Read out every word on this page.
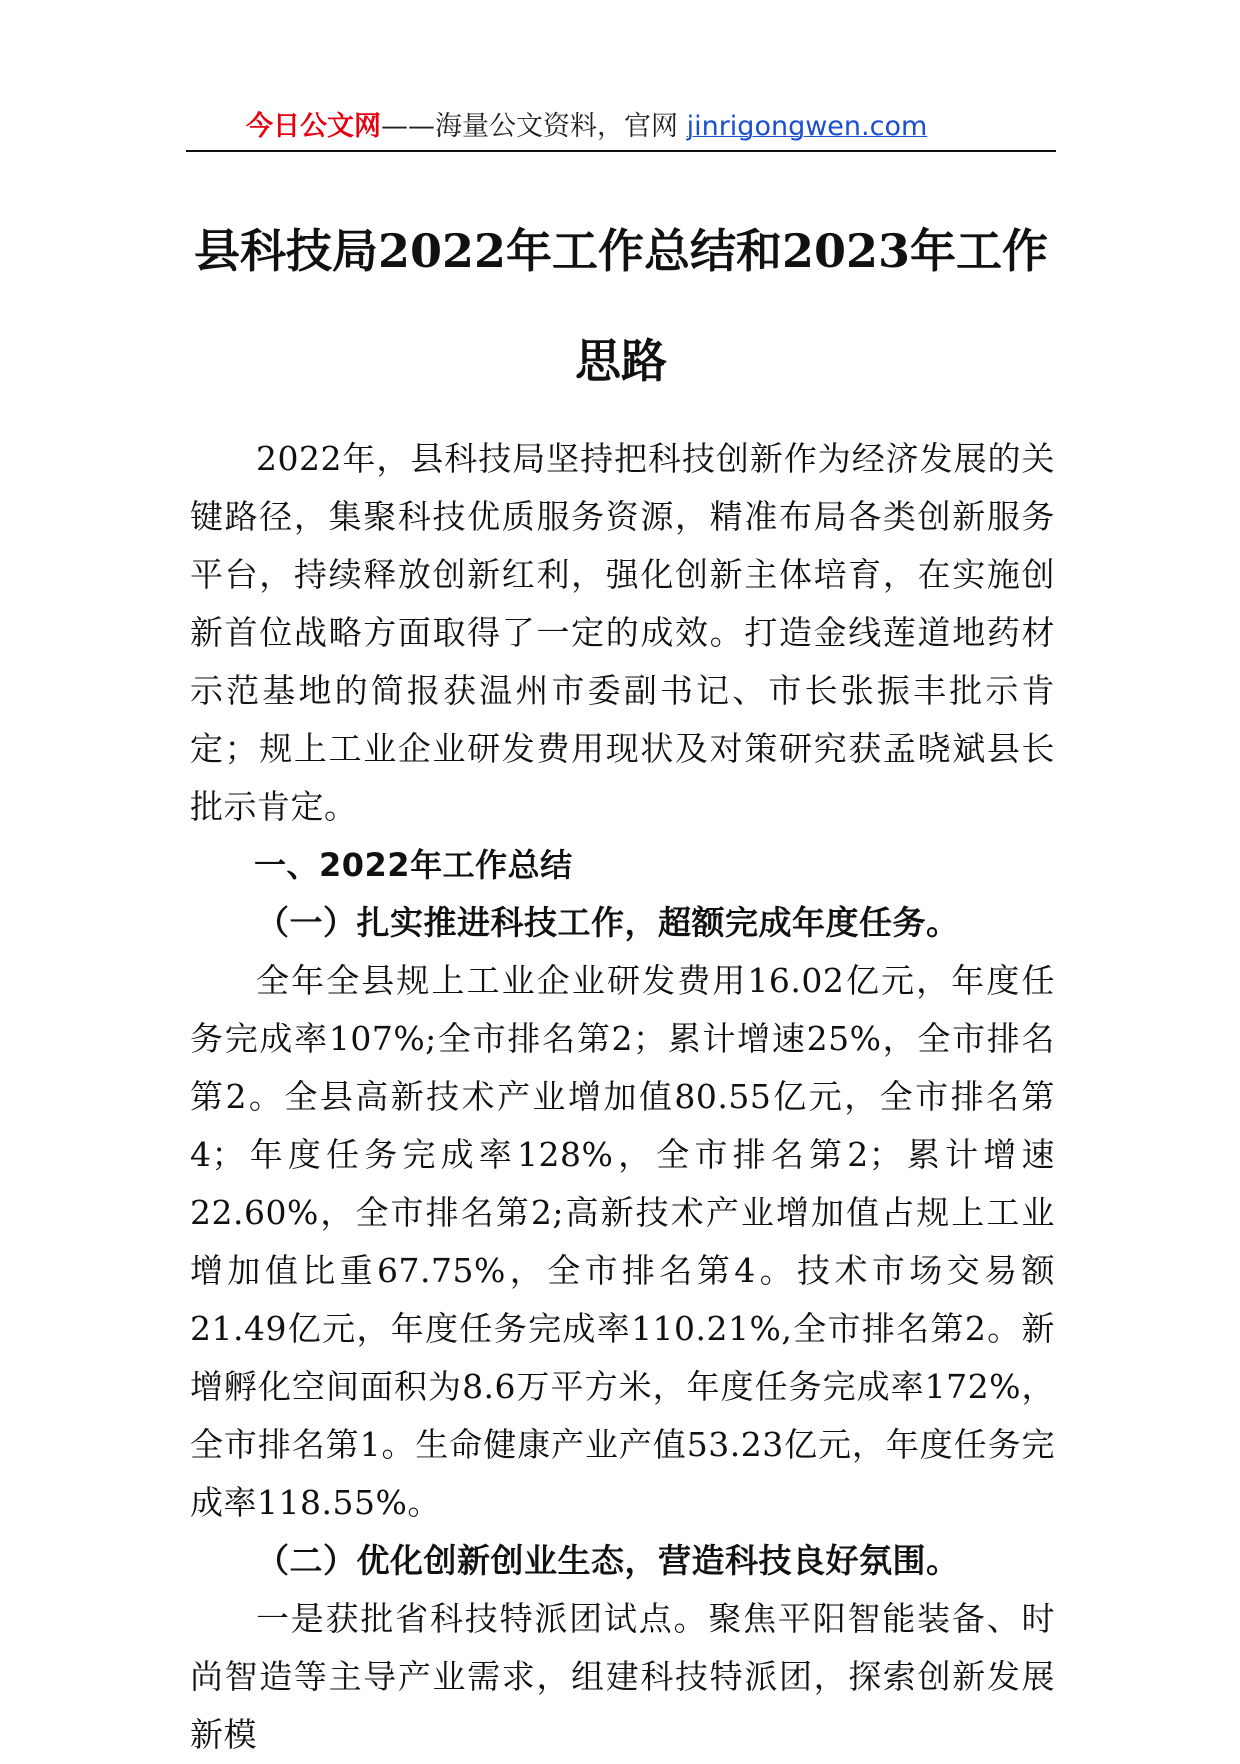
今日公文网——海量公文资料，官网 jinrigongwen.com
县科技局2022年工作总结和2023年工作
思路

2022年，县科技局坚持把科技创新作为经济发展的关键路径，集聚科技优质服务资源，精准布局各类创新服务平台，持续释放创新红利，强化创新主体培育，在实施创新首位战略方面取得了一定的成效。打造金线莲道地药材示范基地的简报获温州市委副书记、市长张振丰批示肯定；规上工业企业研发费用现状及对策研究获孟晓斌县长批示肯定。

一、2022年工作总结

（一）扎实推进科技工作，超额完成年度任务。

全年全县规上工业企业研发费用16.02亿元，年度任务完成率107%;全市排名第2；累计增速25%，全市排名第2。全县高新技术产业增加值80.55亿元，全市排名第4；年度任务完成率128%，全市排名第2；累计增速22.60%，全市排名第2;高新技术产业增加值占规上工业增加值比重67.75%，全市排名第4。技术市场交易额21.49亿元，年度任务完成率110.21%,全市排名第2。新增孵化空间面积为8.6万平方米，年度任务完成率172%，全市排名第1。生命健康产业产值53.23亿元，年度任务完成率118.55%。

（二）优化创新创业生态，营造科技良好氛围。

一是获批省科技特派团试点。聚焦平阳智能装备、时尚智造等主导产业需求，组建科技特派团，探索创新发展新模
